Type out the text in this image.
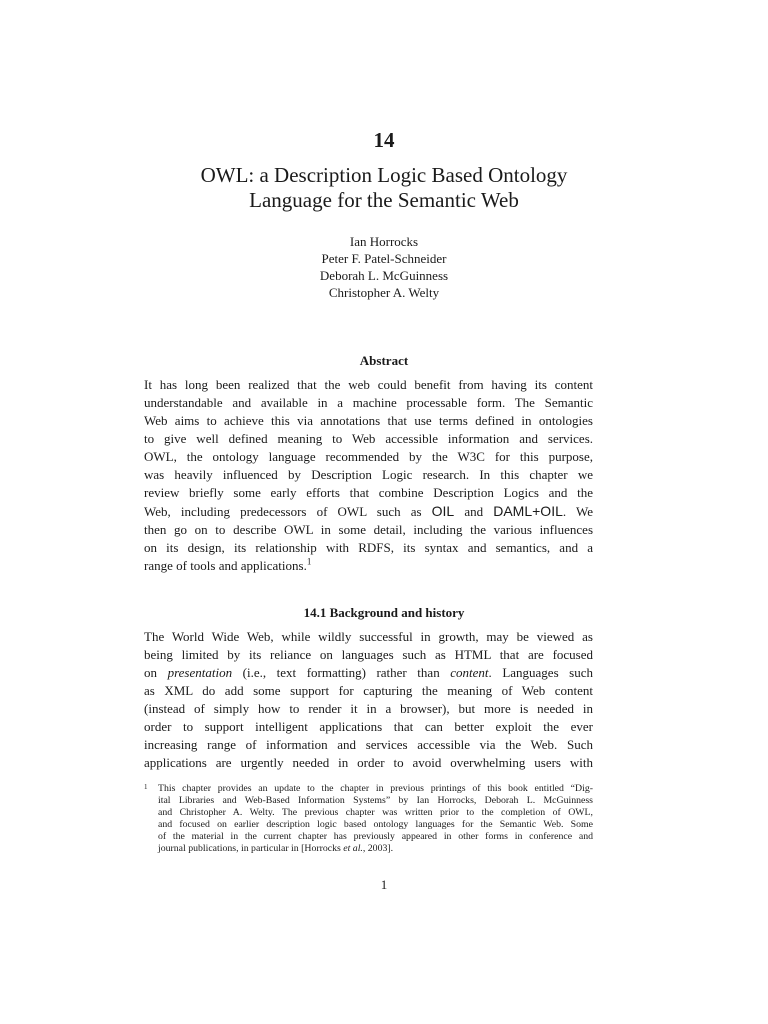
14
OWL: a Description Logic Based Ontology
Language for the Semantic Web
Ian Horrocks
Peter F. Patel-Schneider
Deborah L. McGuinness
Christopher A. Welty
Abstract
It has long been realized that the web could benefit from having its content
understandable and available in a machine processable form. The Semantic
Web aims to achieve this via annotations that use terms defined in ontologies
to give well defined meaning to Web accessible information and services.
OWL, the ontology language recommended by the W3C for this purpose,
was heavily influenced by Description Logic research. In this chapter we
review briefly some early efforts that combine Description Logics and the
Web, including predecessors of OWL such as OIL and DAML+OIL. We
then go on to describe OWL in some detail, including the various influences
on its design, its relationship with RDFS, its syntax and semantics, and a
range of tools and applications.$^1$
14.1 Background and history
The World Wide Web, while wildly successful in growth, may be viewed as
being limited by its reliance on languages such as HTML that are focused
on presentation (i.e., text formatting) rather than content. Languages such
as XML do add some support for capturing the meaning of Web content
(instead of simply how to render it in a browser), but more is needed in
order to support intelligent applications that can better exploit the ever
increasing range of information and services accessible via the Web. Such
applications are urgently needed in order to avoid overwhelming users with
1 This chapter provides an update to the chapter in previous printings of this book entitled “Dig-
ital Libraries and Web-Based Information Systems” by Ian Horrocks, Deborah L. McGuinness
and Christopher A. Welty. The previous chapter was written prior to the completion of OWL,
and focused on earlier description logic based ontology languages for the Semantic Web. Some
of the material in the current chapter has previously appeared in other forms in conference and
journal publications, in particular in [Horrocks et al., 2003].
1
